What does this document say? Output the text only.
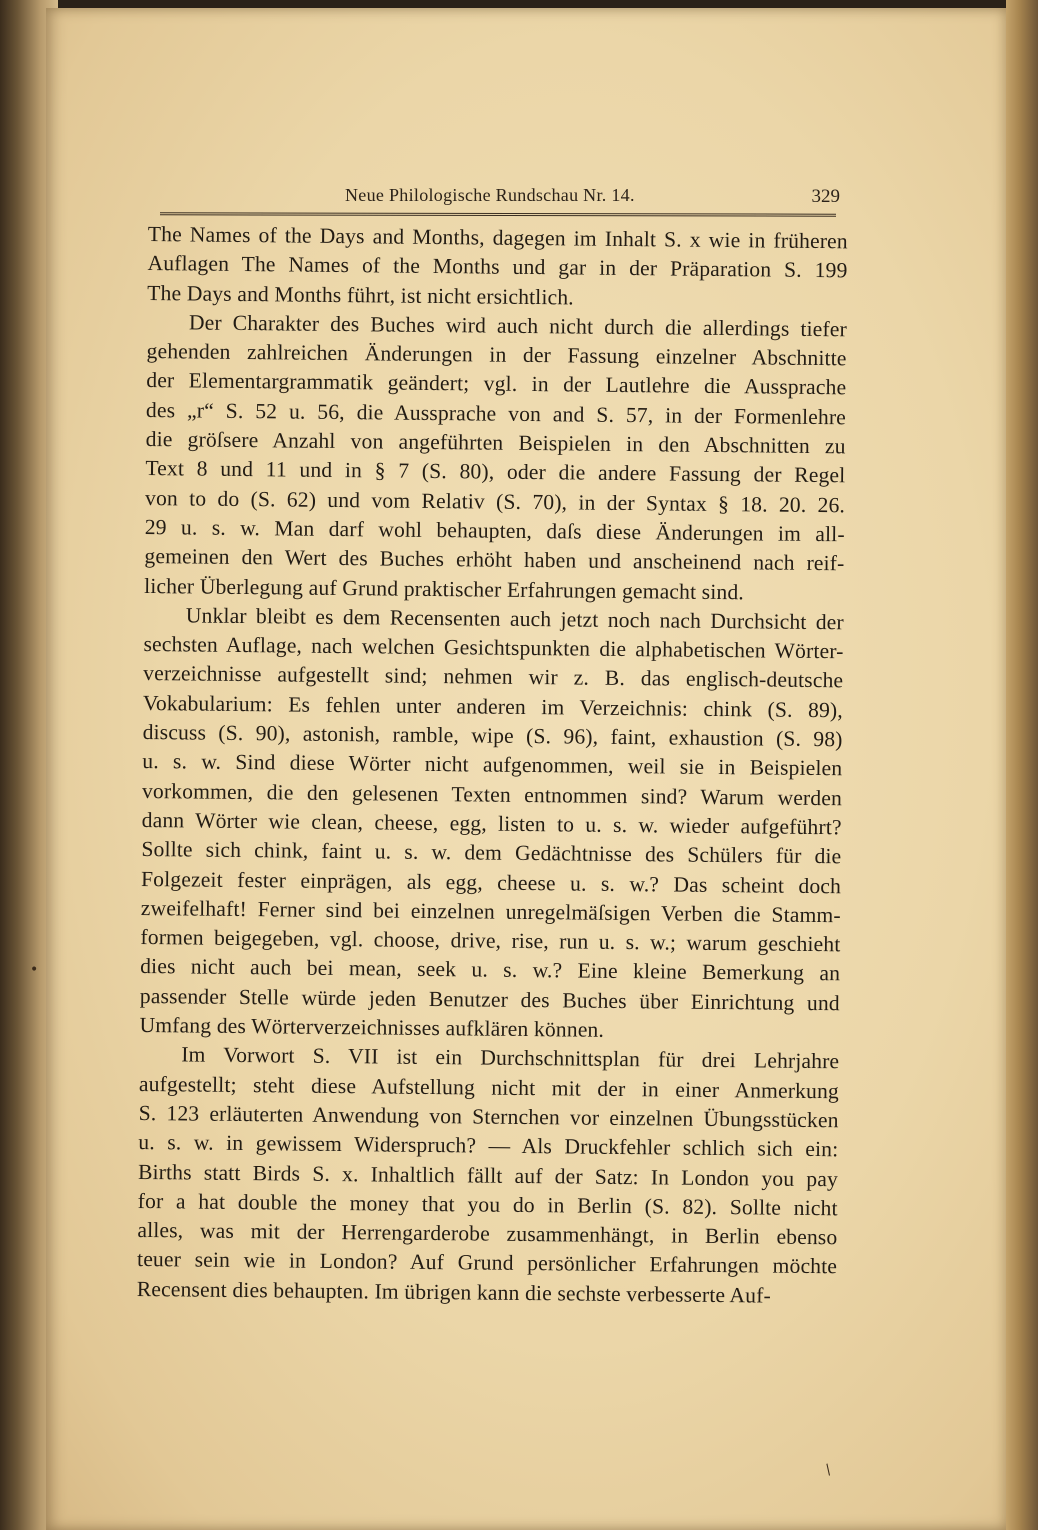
Neue Philologische Rundschau Nr. 14.	329
The Names of the Days and Months, dagegen im Inhalt S. x wie in früheren
Auflagen The Names of the Months und gar in der Präparation S. 199
The Days and Months führt, ist nicht ersichtlich.
Der Charakter des Buches wird auch nicht durch die allerdings tiefer
gehenden zahlreichen Änderungen in der Fassung einzelner Abschnitte
der Elementargrammatik geändert; vgl. in der Lautlehre die Aussprache
des „r“ S. 52 u. 56, die Aussprache von and S. 57, in der Formenlehre
die gröſsere Anzahl von angeführten Beispielen in den Abschnitten zu
Text 8 und 11 und in § 7 (S. 80), oder die andere Fassung der Regel
von to do (S. 62) und vom Relativ (S. 70), in der Syntax § 18. 20. 26.
29 u. s. w. Man darf wohl behaupten, daſs diese Änderungen im all-
gemeinen den Wert des Buches erhöht haben und anscheinend nach reif-
licher Überlegung auf Grund praktischer Erfahrungen gemacht sind.
Unklar bleibt es dem Recensenten auch jetzt noch nach Durchsicht der
sechsten Auflage, nach welchen Gesichtspunkten die alphabetischen Wörter-
verzeichnisse aufgestellt sind; nehmen wir z. B. das englisch-deutsche
Vokabularium: Es fehlen unter anderen im Verzeichnis: chink (S. 89),
discuss (S. 90), astonish, ramble, wipe (S. 96), faint, exhaustion (S. 98)
u. s. w. Sind diese Wörter nicht aufgenommen, weil sie in Beispielen
vorkommen, die den gelesenen Texten entnommen sind? Warum werden
dann Wörter wie clean, cheese, egg, listen to u. s. w. wieder aufgeführt?
Sollte sich chink, faint u. s. w. dem Gedächtnisse des Schülers für die
Folgezeit fester einprägen, als egg, cheese u. s. w.? Das scheint doch
zweifelhaft! Ferner sind bei einzelnen unregelmäſsigen Verben die Stamm-
formen beigegeben, vgl. choose, drive, rise, run u. s. w.; warum geschieht
dies nicht auch bei mean, seek u. s. w.? Eine kleine Bemerkung an
passender Stelle würde jeden Benutzer des Buches über Einrichtung und
Umfang des Wörterverzeichnisses aufklären können.
Im Vorwort S. VII ist ein Durchschnittsplan für drei Lehrjahre
aufgestellt; steht diese Aufstellung nicht mit der in einer Anmerkung
S. 123 erläuterten Anwendung von Sternchen vor einzelnen Übungsstücken
u. s. w. in gewissem Widerspruch? — Als Druckfehler schlich sich ein:
Births statt Birds S. x. Inhaltlich fällt auf der Satz: In London you pay
for a hat double the money that you do in Berlin (S. 82). Sollte nicht
alles, was mit der Herrengarderobe zusammenhängt, in Berlin ebenso
teuer sein wie in London? Auf Grund persönlicher Erfahrungen möchte
Recensent dies behaupten. Im übrigen kann die sechste verbesserte Auf-
•
/
